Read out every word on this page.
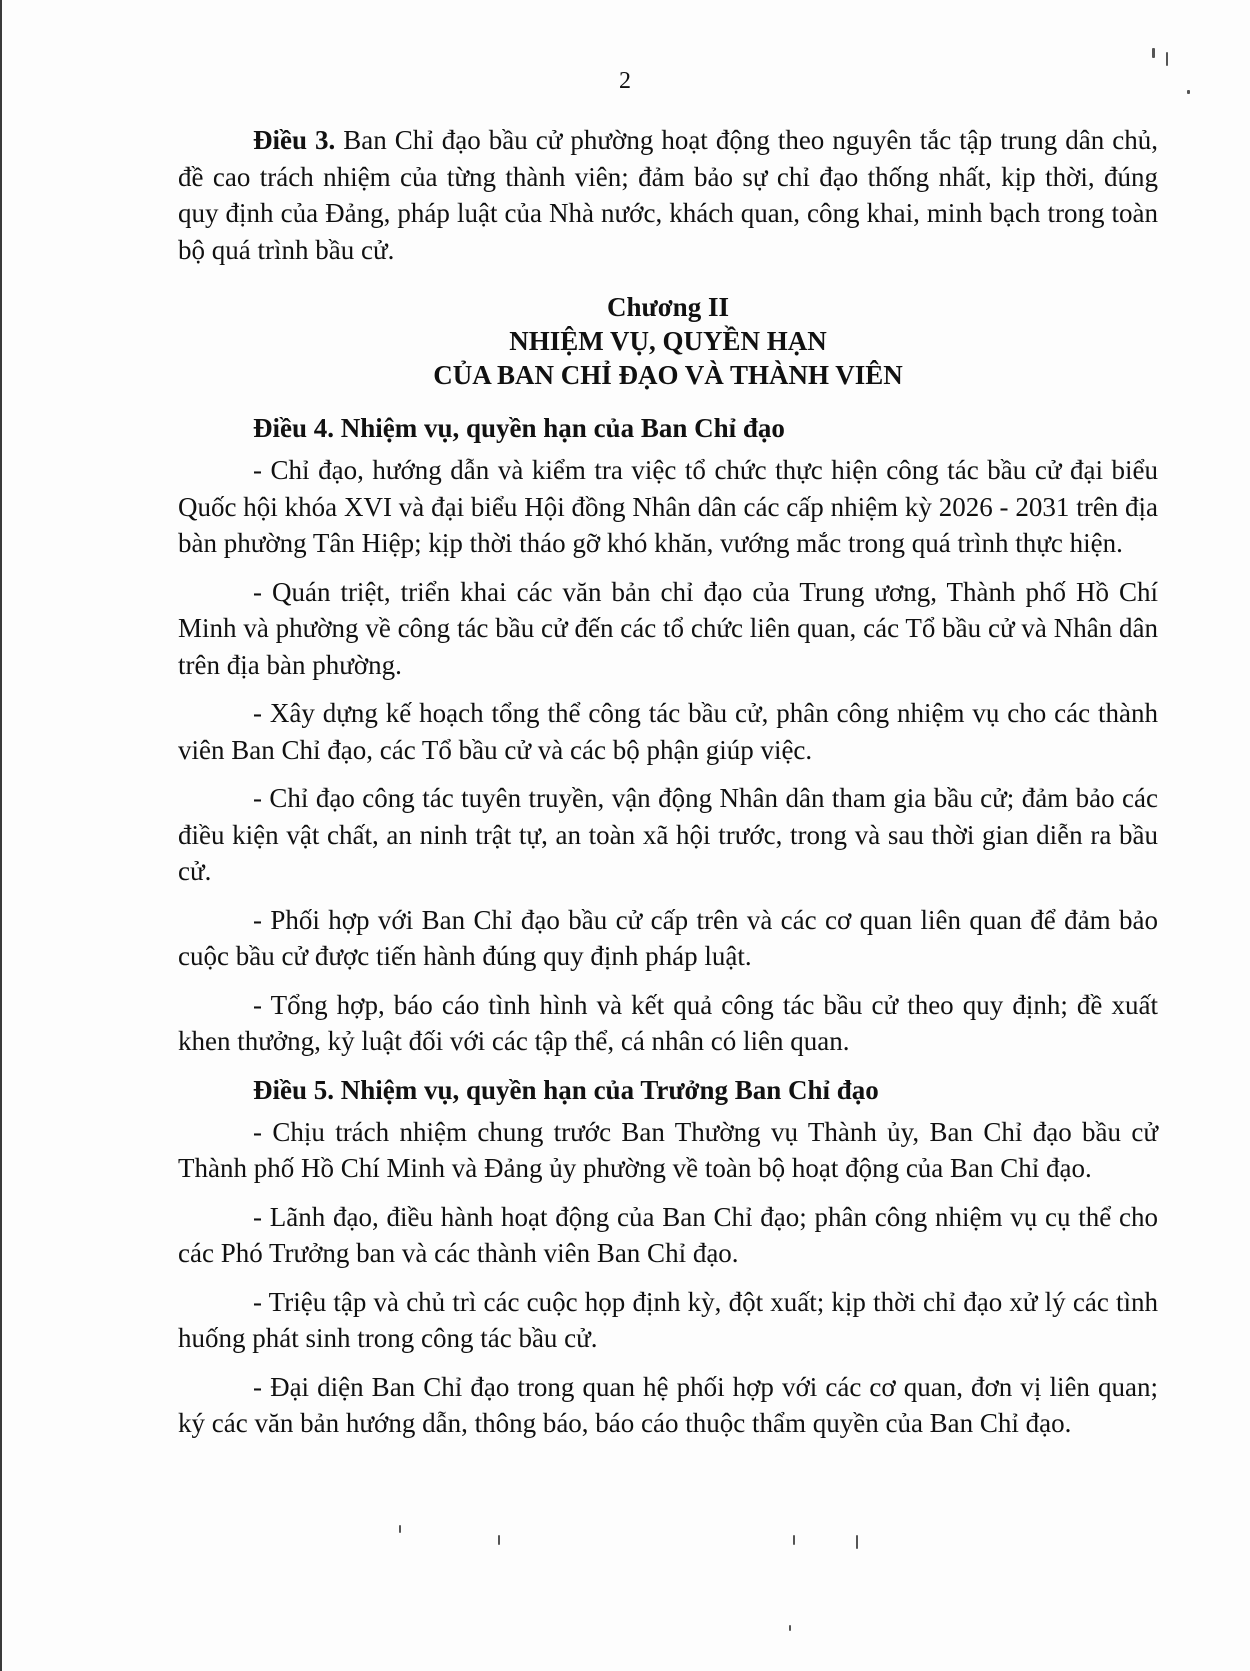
2

Điều 3. Ban Chỉ đạo bầu cử phường hoạt động theo nguyên tắc tập trung dân chủ, đề cao trách nhiệm của từng thành viên; đảm bảo sự chỉ đạo thống nhất, kịp thời, đúng quy định của Đảng, pháp luật của Nhà nước, khách quan, công khai, minh bạch trong toàn bộ quá trình bầu cử.

Chương II
NHIỆM VỤ, QUYỀN HẠN
CỦA BAN CHỈ ĐẠO VÀ THÀNH VIÊN
Điều 4. Nhiệm vụ, quyền hạn của Ban Chỉ đạo

- Chỉ đạo, hướng dẫn và kiểm tra việc tổ chức thực hiện công tác bầu cử đại biểu Quốc hội khóa XVI và đại biểu Hội đồng Nhân dân các cấp nhiệm kỳ 2026 - 2031 trên địa bàn phường Tân Hiệp; kịp thời tháo gỡ khó khăn, vướng mắc trong quá trình thực hiện.

- Quán triệt, triển khai các văn bản chỉ đạo của Trung ương, Thành phố Hồ Chí Minh và phường về công tác bầu cử đến các tổ chức liên quan, các Tổ bầu cử và Nhân dân trên địa bàn phường.

- Xây dựng kế hoạch tổng thể công tác bầu cử, phân công nhiệm vụ cho các thành viên Ban Chỉ đạo, các Tổ bầu cử và các bộ phận giúp việc.

- Chỉ đạo công tác tuyên truyền, vận động Nhân dân tham gia bầu cử; đảm bảo các điều kiện vật chất, an ninh trật tự, an toàn xã hội trước, trong và sau thời gian diễn ra bầu cử.

- Phối hợp với Ban Chỉ đạo bầu cử cấp trên và các cơ quan liên quan để đảm bảo cuộc bầu cử được tiến hành đúng quy định pháp luật.

- Tổng hợp, báo cáo tình hình và kết quả công tác bầu cử theo quy định; đề xuất khen thưởng, kỷ luật đối với các tập thể, cá nhân có liên quan.

Điều 5. Nhiệm vụ, quyền hạn của Trưởng Ban Chỉ đạo

- Chịu trách nhiệm chung trước Ban Thường vụ Thành ủy, Ban Chỉ đạo bầu cử Thành phố Hồ Chí Minh và Đảng ủy phường về toàn bộ hoạt động của Ban Chỉ đạo.

- Lãnh đạo, điều hành hoạt động của Ban Chỉ đạo; phân công nhiệm vụ cụ thể cho các Phó Trưởng ban và các thành viên Ban Chỉ đạo.

- Triệu tập và chủ trì các cuộc họp định kỳ, đột xuất; kịp thời chỉ đạo xử lý các tình huống phát sinh trong công tác bầu cử.

- Đại diện Ban Chỉ đạo trong quan hệ phối hợp với các cơ quan, đơn vị liên quan; ký các văn bản hướng dẫn, thông báo, báo cáo thuộc thẩm quyền của Ban Chỉ đạo.
